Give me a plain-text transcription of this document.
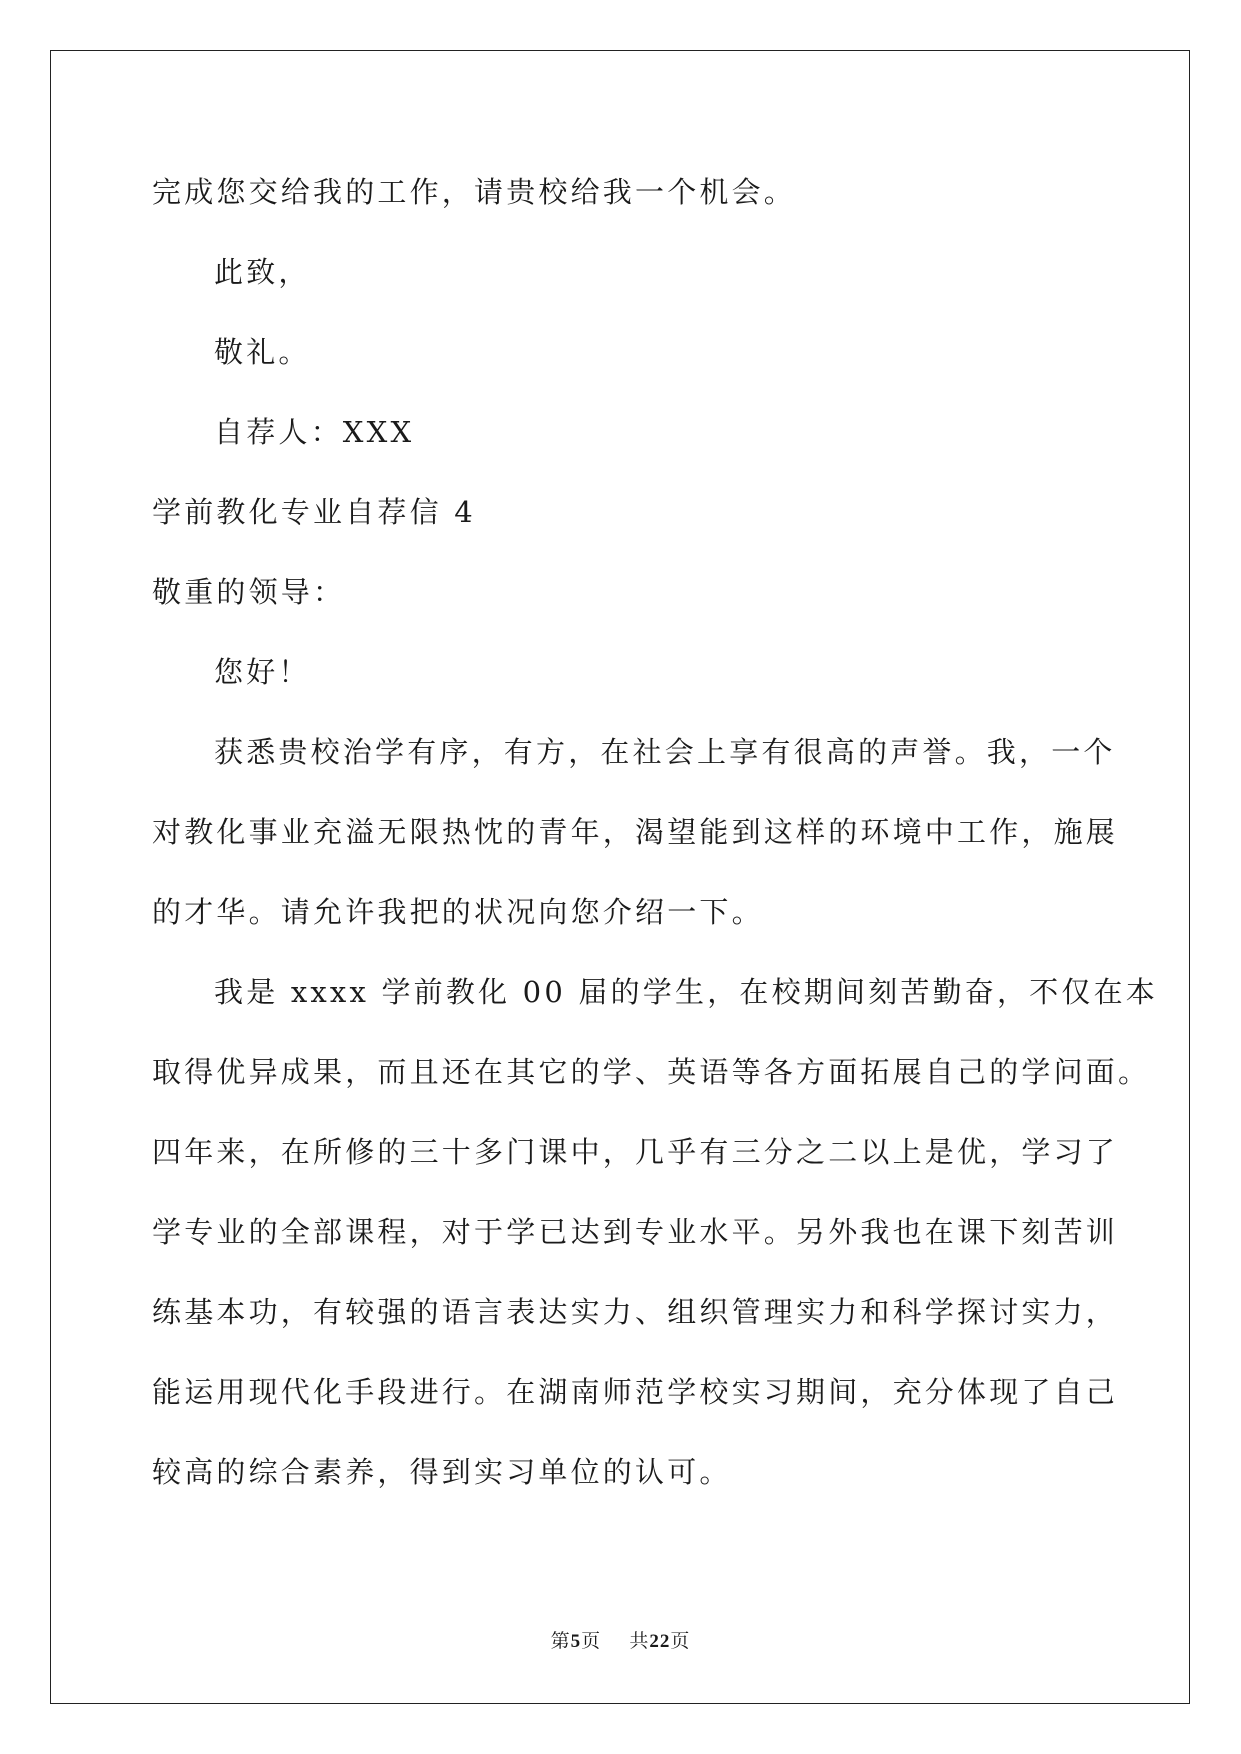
完成您交给我的工作，请贵校给我一个机会。
此致，
敬礼。
自荐人：XXX
学前教化专业自荐信 4
敬重的领导：
您好！
获悉贵校治学有序，有方，在社会上享有很高的声誉。我，一个
对教化事业充溢无限热忱的青年，渴望能到这样的环境中工作，施展
的才华。请允许我把的状况向您介绍一下。
我是 xxxx 学前教化 00 届的学生，在校期间刻苦勤奋，不仅在本
取得优异成果，而且还在其它的学、英语等各方面拓展自己的学问面。
四年来，在所修的三十多门课中，几乎有三分之二以上是优，学习了
学专业的全部课程，对于学已达到专业水平。另外我也在课下刻苦训
练基本功，有较强的语言表达实力、组织管理实力和科学探讨实力，
能运用现代化手段进行。在湖南师范学校实习期间，充分体现了自己
较高的综合素养，得到实习单位的认可。
第5页 共22页
